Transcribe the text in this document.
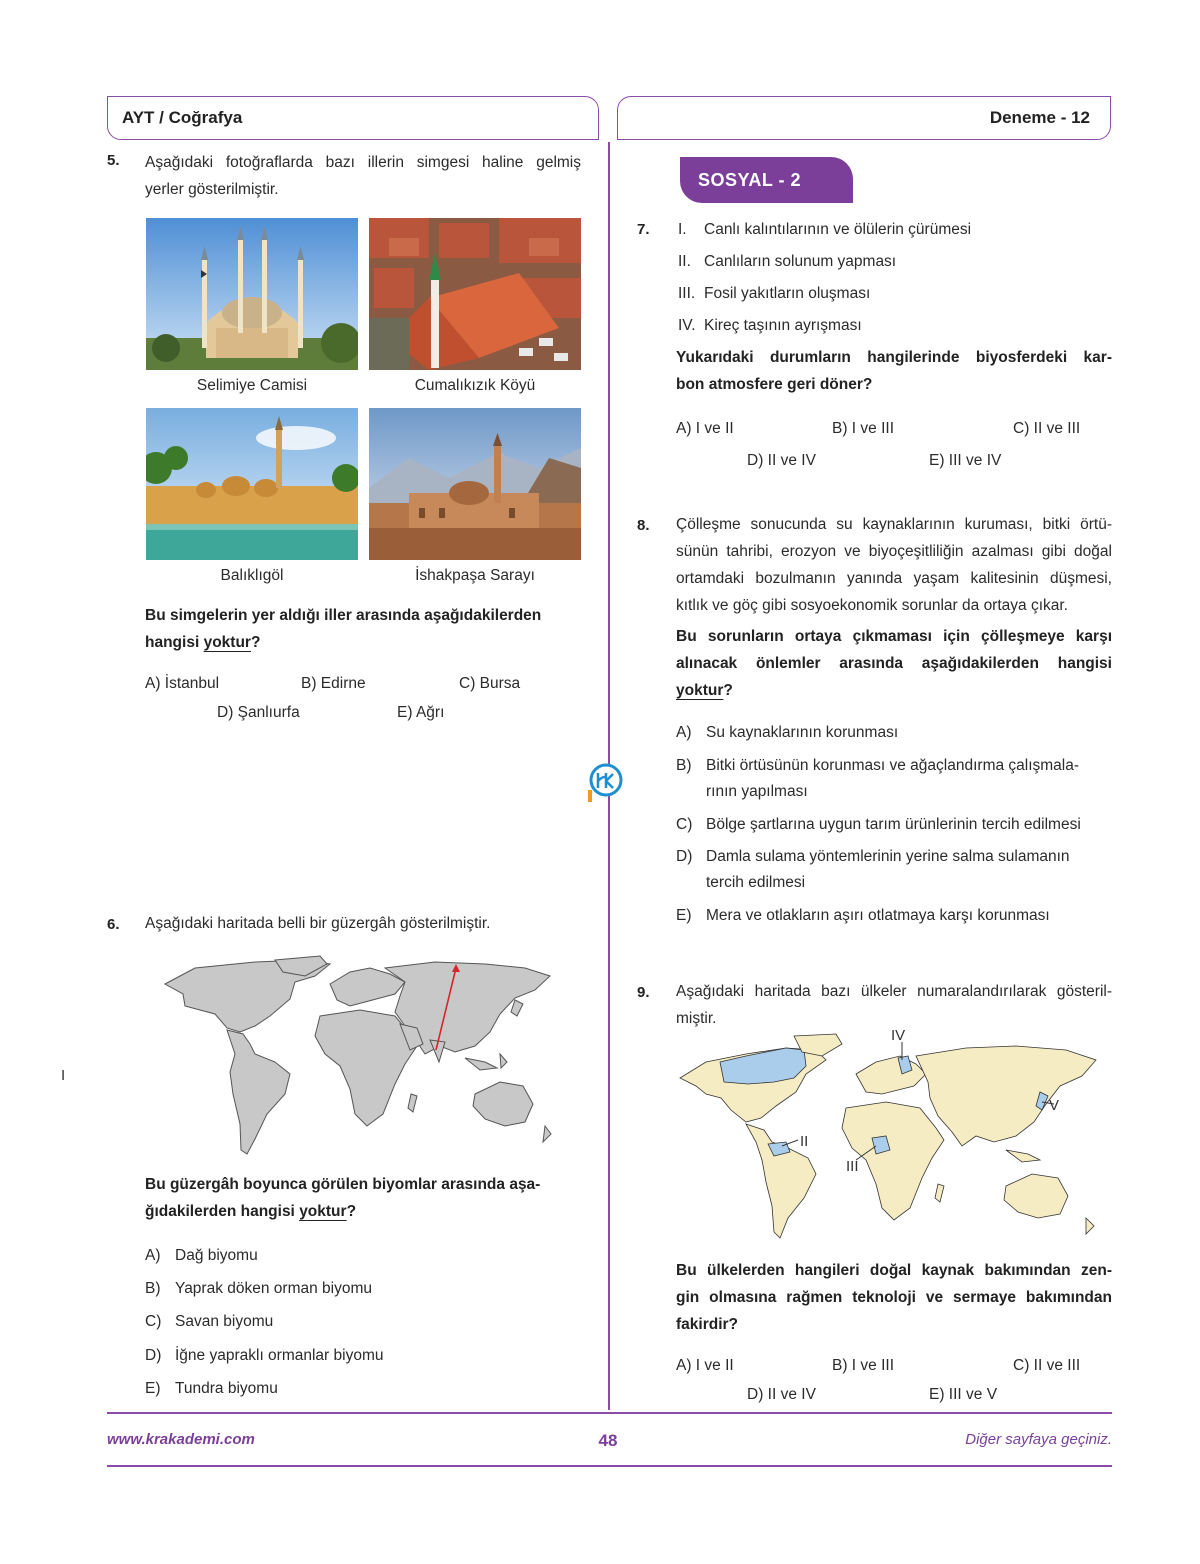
AYT / Coğrafya	Deneme - 12
5. Aşağıdaki fotoğraflarda bazı illerin simgesi haline gelmiş
yerler gösterilmiştir.
Selimiye Camisi	Cumalıkızık Köyü
Balıklıgöl	İshakpaşa Sarayı
Bu simgelerin yer aldığı iller arasında aşağıdakilerden
hangisi yoktur?
A) İstanbul	B) Edirne	C) Bursa
D) Şanlıurfa	E) Ağrı
6. Aşağıdaki haritada belli bir güzergâh gösterilmiştir.
Bu güzergâh boyunca görülen biyomlar arasında aşa-
ğıdakilerden hangisi yoktur?
A) Dağ biyomu
B) Yaprak döken orman biyomu
C) Savan biyomu
D) İğne yapraklı ormanlar biyomu
E) Tundra biyomu
SOSYAL - 2
7. I.	Canlı kalıntılarının ve ölülerin çürümesi
II. Canlıların solunum yapması
III. Fosil yakıtların oluşması
IV. Kireç taşının ayrışması
Yukarıdaki durumların hangilerinde biyosferdeki kar-
bon atmosfere geri döner?
A) I ve II	B) I ve III	C) II ve III
D) II ve IV	E) III ve IV
8. Çölleşme sonucunda su kaynaklarının kuruması, bitki örtü-
sünün tahribi, erozyon ve biyoçeşitliliğin azalması gibi doğal
ortamdaki bozulmanın yanında yaşam kalitesinin düşmesi,
kıtlık ve göç gibi sosyoekonomik sorunlar da ortaya çıkar.
Bu sorunların ortaya çıkmaması için çölleşmeye karşı
alınacak önlemler arasında aşağıdakilerden hangisi
yoktur?
A) Su kaynaklarının korunması
B) Bitki örtüsünün korunması ve ağaçlandırma çalışmala-
rının yapılması
C) Bölge şartlarına uygun tarım ürünlerinin tercih edilmesi
D) Damla sulama yöntemlerinin yerine salma sulamanın
tercih edilmesi
E) Mera ve otlakların aşırı otlatmaya karşı korunması
9. Aşağıdaki haritada bazı ülkeler numaralandırılarak gösteril-
miştir.
I
II
III
IV
V
Bu ülkelerden hangileri doğal kaynak bakımından zen-
gin olmasına rağmen teknoloji ve sermaye bakımından
fakirdir?
A) I ve II	B) I ve III	C) II ve III
D) II ve IV	E) III ve V
www.krakademi.com	48	Diğer sayfaya geçiniz.
